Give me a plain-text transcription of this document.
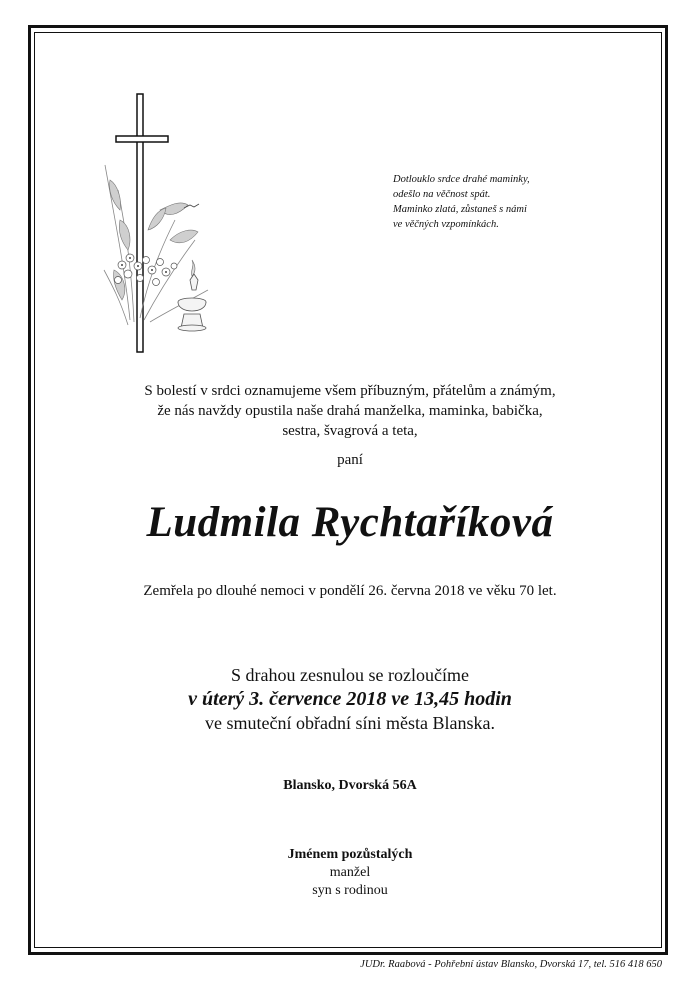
Dotlouklo srdce drahé maminky,
odešlo na věčnost spát.
Maminko zlatá, zůstaneš s námi
ve věčných vzpomínkách.
S bolestí v srdci oznamujeme všem příbuzným, přátelům a známým,
že nás navždy opustila naše drahá manželka, maminka, babička,
sestra, švagrová a teta,
paní
Ludmila Rychtaříková
Zemřela po dlouhé nemoci v pondělí 26. června 2018 ve věku 70 let.
S drahou zesnulou se rozloučíme
v úterý 3. července 2018 ve 13,45 hodin
ve smuteční obřadní síni města Blanska.
Blansko, Dvorská 56A
Jménem pozůstalých
manžel
syn s rodinou
JUDr. Raabová - Pohřební ústav Blansko, Dvorská 17, tel. 516 418 650
